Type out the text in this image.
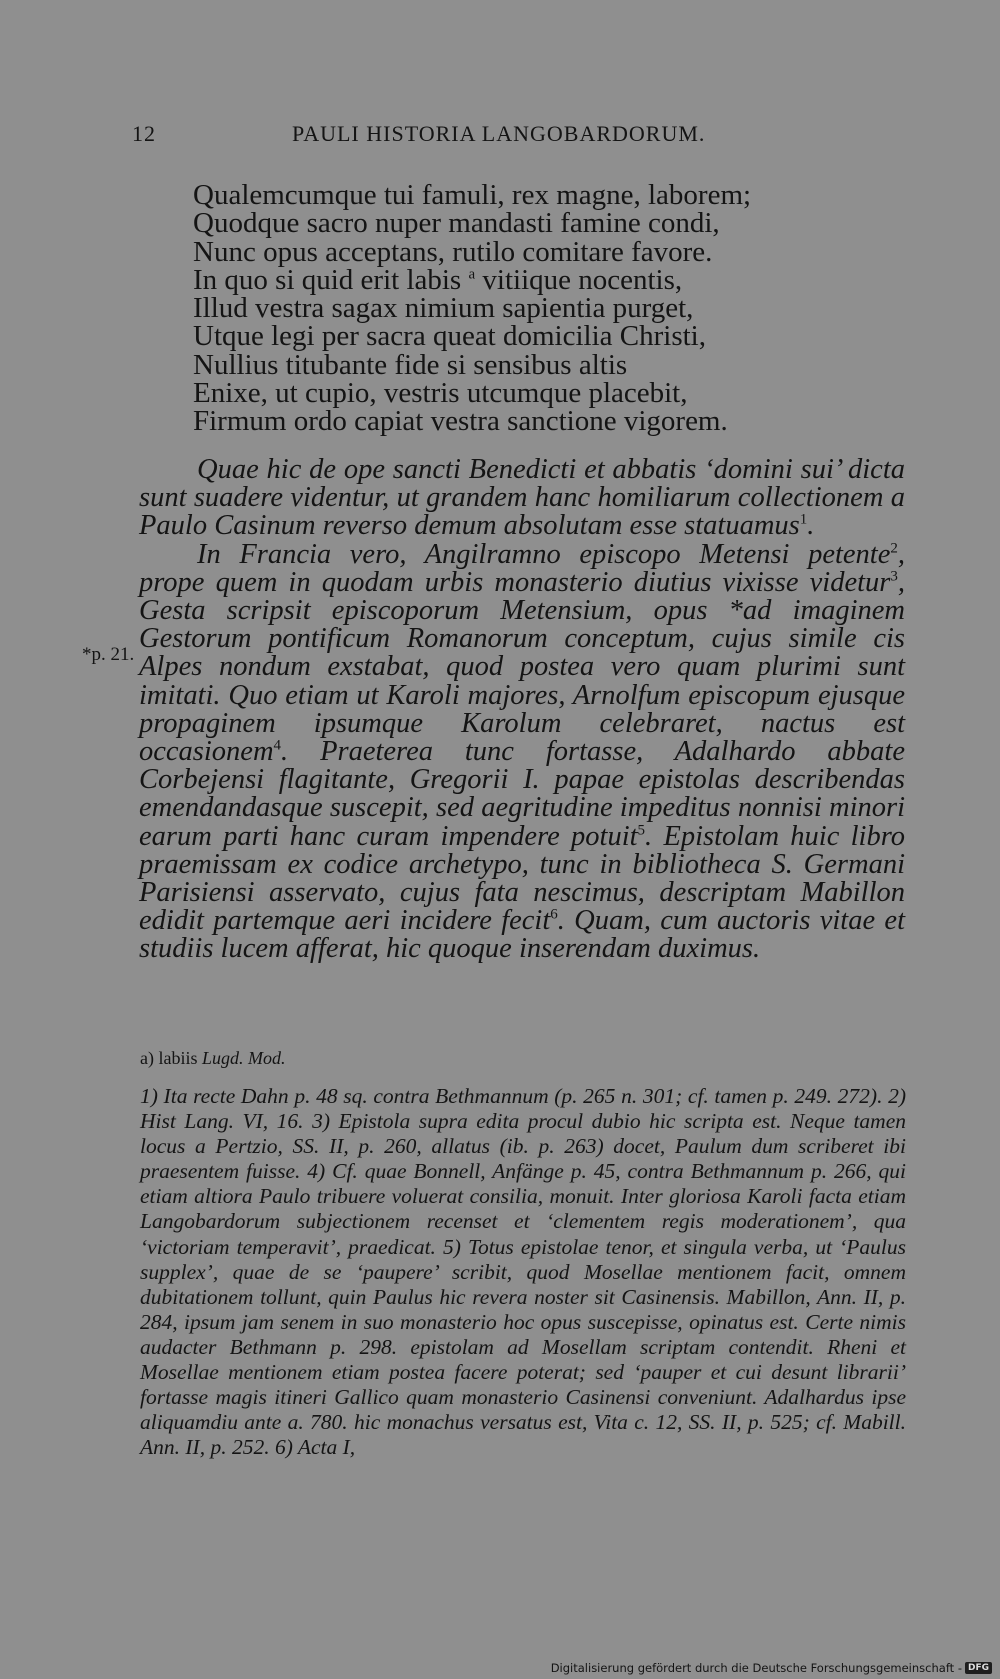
12	PAULI HISTORIA LANGOBARDORUM.
Qualemcumque tui famuli, rex magne, laborem;
Quodque sacro nuper mandasti famine condi,
Nunc opus acceptans, rutilo comitare favore.
In quo si quid erit labis $^a$ vitiique nocentis,
Illud vestra sagax nimium sapientia purget,
Utque legi per sacra queat domicilia Christi,
Nullius titubante fide si sensibus altis
Enixe, ut cupio, vestris utcumque placebit,
Firmum ordo capiat vestra sanctione vigorem.
*p. 21.

Quae hic de ope sancti Benedicti et abbatis ‘domini sui’ dicta sunt suadere videntur, ut grandem hanc homiliarum collectionem a Paulo Casinum reverso demum absolutam esse statuamus$^1$.

In Francia vero, Angilramno episcopo Metensi petente$^2$, prope quem in quodam urbis monasterio diutius vixisse videtur$^3$, Gesta scripsit episcoporum Metensium, opus *ad imaginem Gestorum pontificum Romanorum conceptum, cujus simile cis Alpes nondum exstabat, quod postea vero quam plurimi sunt imitati. Quo etiam ut Karoli majores, Arnolfum episcopum ejusque propaginem ipsumque Karolum celebraret, nactus est occasionem$^4$. Praeterea tunc fortasse, Adalhardo abbate Corbejensi flagitante, Gregorii I. papae epistolas describendas emendandasque suscepit, sed aegritudine impeditus nonnisi minori earum parti hanc curam impendere potuit$^5$. Epistolam huic libro praemissam ex codice archetypo, tunc in bibliotheca S. Germani Parisiensi asservato, cujus fata nescimus, descriptam Mabillon edidit partemque aeri incidere fecit$^6$. Quam, cum auctoris vitae et studiis lucem afferat, hic quoque inserendam duximus.

a) labiis Lugd. Mod.
1) Ita recte Dahn p. 48 sq. contra Bethmannum (p. 265 n. 301; cf. tamen p. 249. 272). 2) Hist Lang. VI, 16. 3) Epistola supra edita procul dubio hic scripta est. Neque tamen locus a Pertzio, SS. II, p. 260, allatus (ib. p. 263) docet, Paulum dum scriberet ibi praesentem fuisse. 4) Cf. quae Bonnell, Anfänge p. 45, contra Bethmannum p. 266, qui etiam altiora Paulo tribuere voluerat consilia, monuit. Inter gloriosa Karoli facta etiam Langobardorum subjectionem recenset et ‘clementem regis moderationem’, qua ‘victoriam temperavit’, praedicat. 5) Totus epistolae tenor, et singula verba, ut ‘Paulus supplex’, quae de se ‘paupere’ scribit, quod Mosellae mentionem facit, omnem dubitationem tollunt, quin Paulus hic revera noster sit Casinensis. Mabillon, Ann. II, p. 284, ipsum jam senem in suo monasterio hoc opus suscepisse, opinatus est. Certe nimis audacter Bethmann p. 298. epistolam ad Mosellam scriptam contendit. Rheni et Mosellae mentionem etiam postea facere poterat; sed ‘pauper et cui desunt librarii’ fortasse magis itineri Gallico quam monasterio Casinensi conveniunt. Adalhardus ipse aliquamdiu ante a. 780. hic monachus versatus est, Vita c. 12, SS. II, p. 525; cf. Mabill. Ann. II, p. 252. 6) Acta I,
Digitalisierung gefördert durch die Deutsche Forschungsgemeinschaft - DFG
